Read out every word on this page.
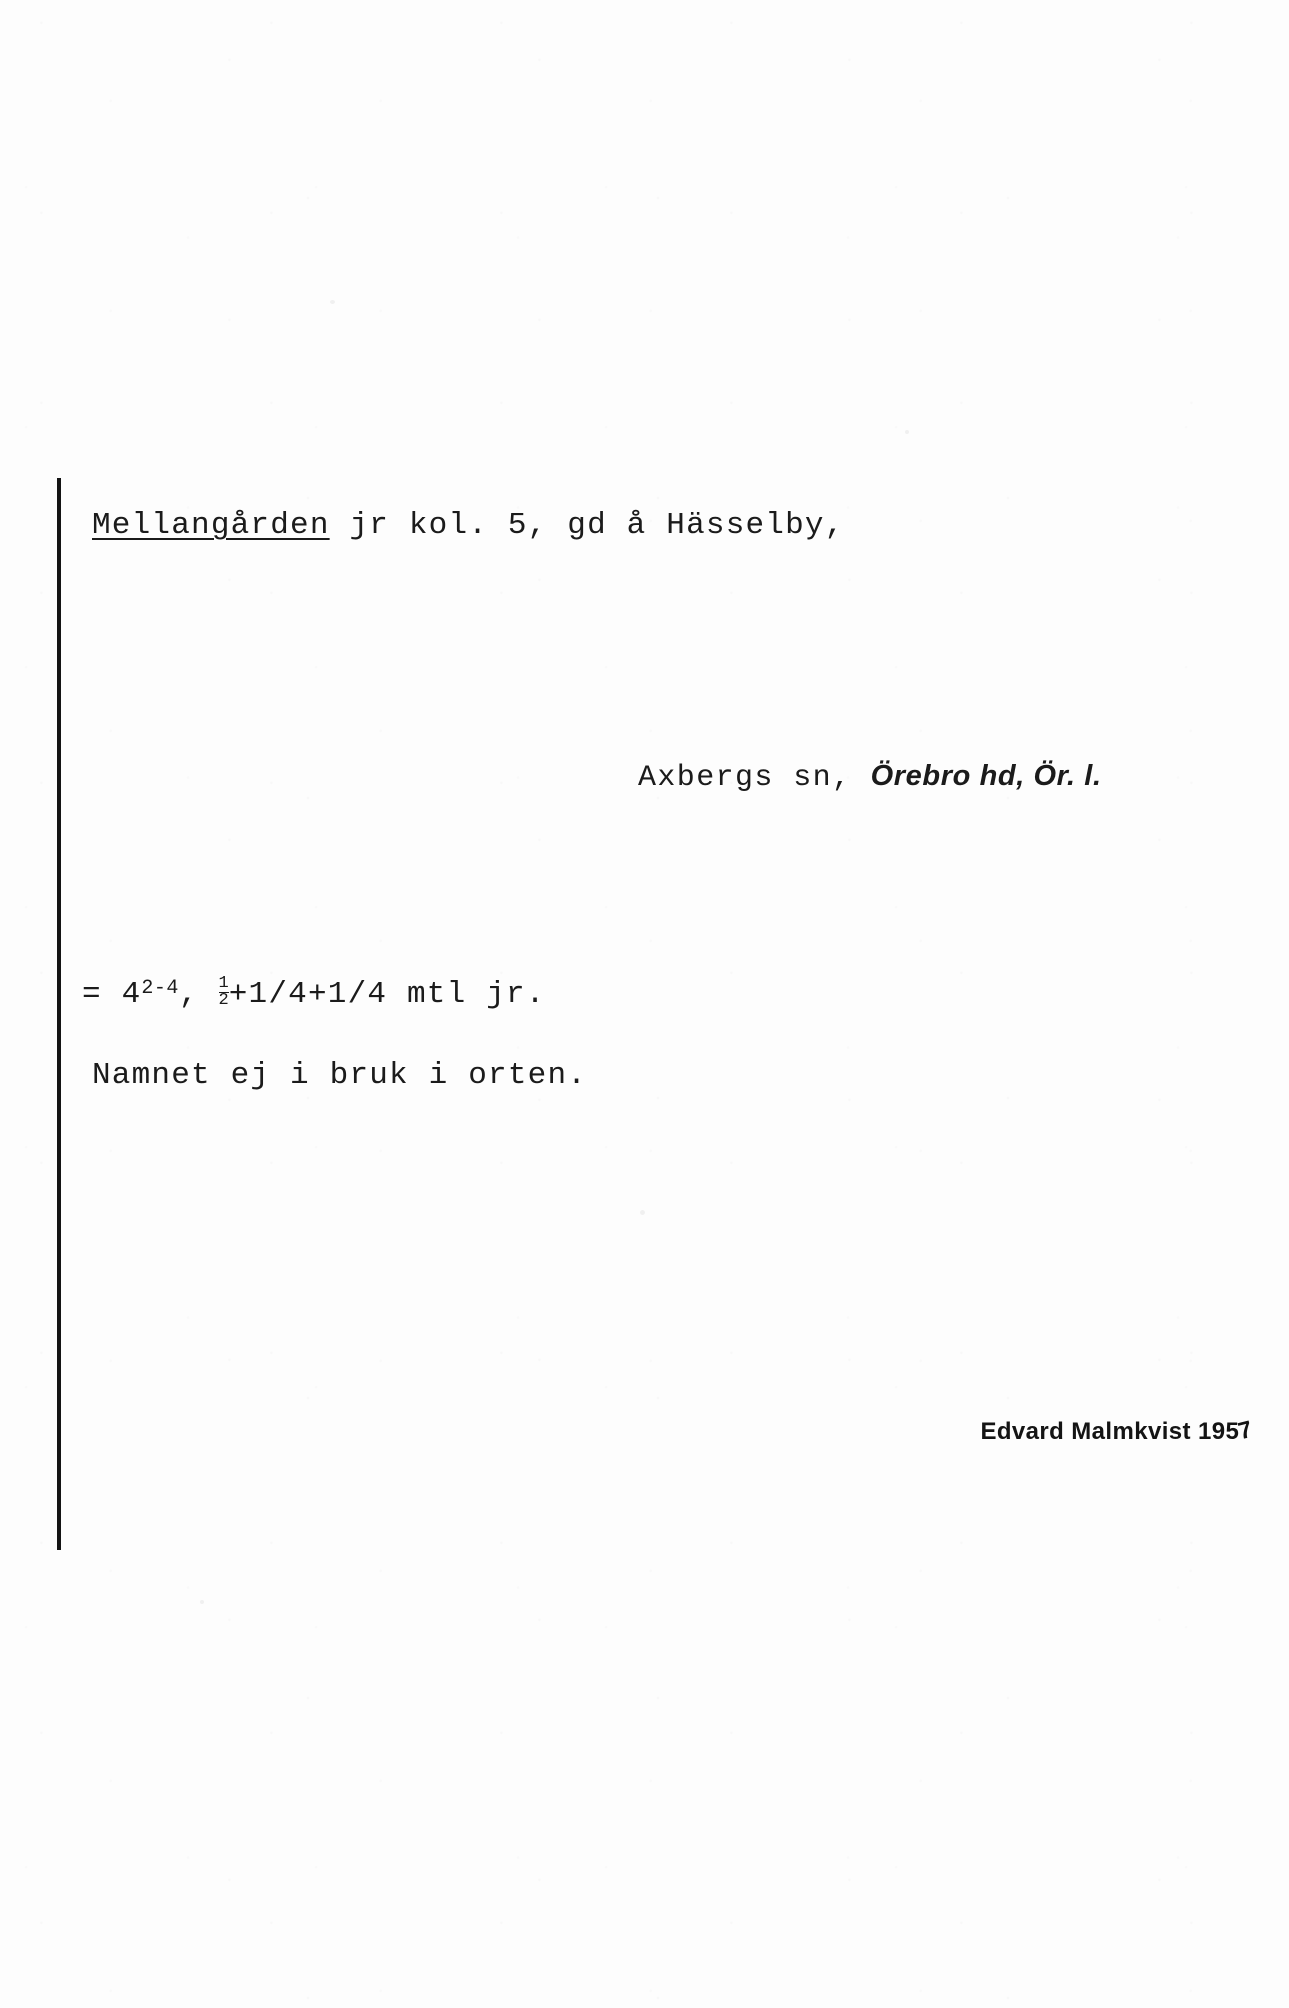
Mellangården jr kol. 5, gd å Hässelby,
Axbergs sn, Örebro hd, Ör. l.
= $4^{2-4}$, $\frac{1}{2} +1/4+1/4$ mtl jr.
Namnet ej i bruk i orten.
Edvard Malmkvist 1957
